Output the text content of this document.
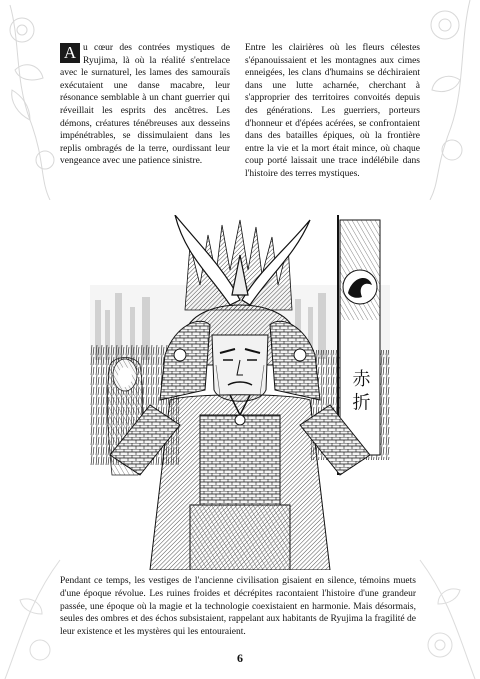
A u cœur des contrées mystiques de Ryujima, là où la réalité s'entrelace avec le surnaturel, les lames des samouraïs exécutaient une danse macabre, leur résonance semblable à un chant guerrier qui réveillait les esprits des ancêtres. Les démons, créatures ténébreuses aux desseins impénétrables, se dissimulaient dans les replis ombragés de la terre, ourdissant leur vengeance avec une patience sinistre.
Entre les clairières où les fleurs célestes s'épanouissaient et les montagnes aux cimes enneigées, les clans d'humains se déchiraient dans une lutte acharnée, cherchant à s'approprier des territoires convoités depuis des générations. Les guerriers, porteurs d'honneur et d'épées acérées, se confrontaient dans des batailles épiques, où la frontière entre la vie et la mort était mince, où chaque coup porté laissait une trace indélébile dans l'histoire des terres mystiques.
赤 折
Pendant ce temps, les vestiges de l'ancienne civilisation gisaient en silence, témoins muets d'une époque révolue. Les ruines froides et décrépites racontaient l'histoire d'une grandeur passée, une époque où la magie et la technologie coexistaient en harmonie. Mais désormais, seules des ombres et des échos subsistaient, rappelant aux habitants de Ryujima la fragilité de leur existence et les mystères qui les entouraient.
6
